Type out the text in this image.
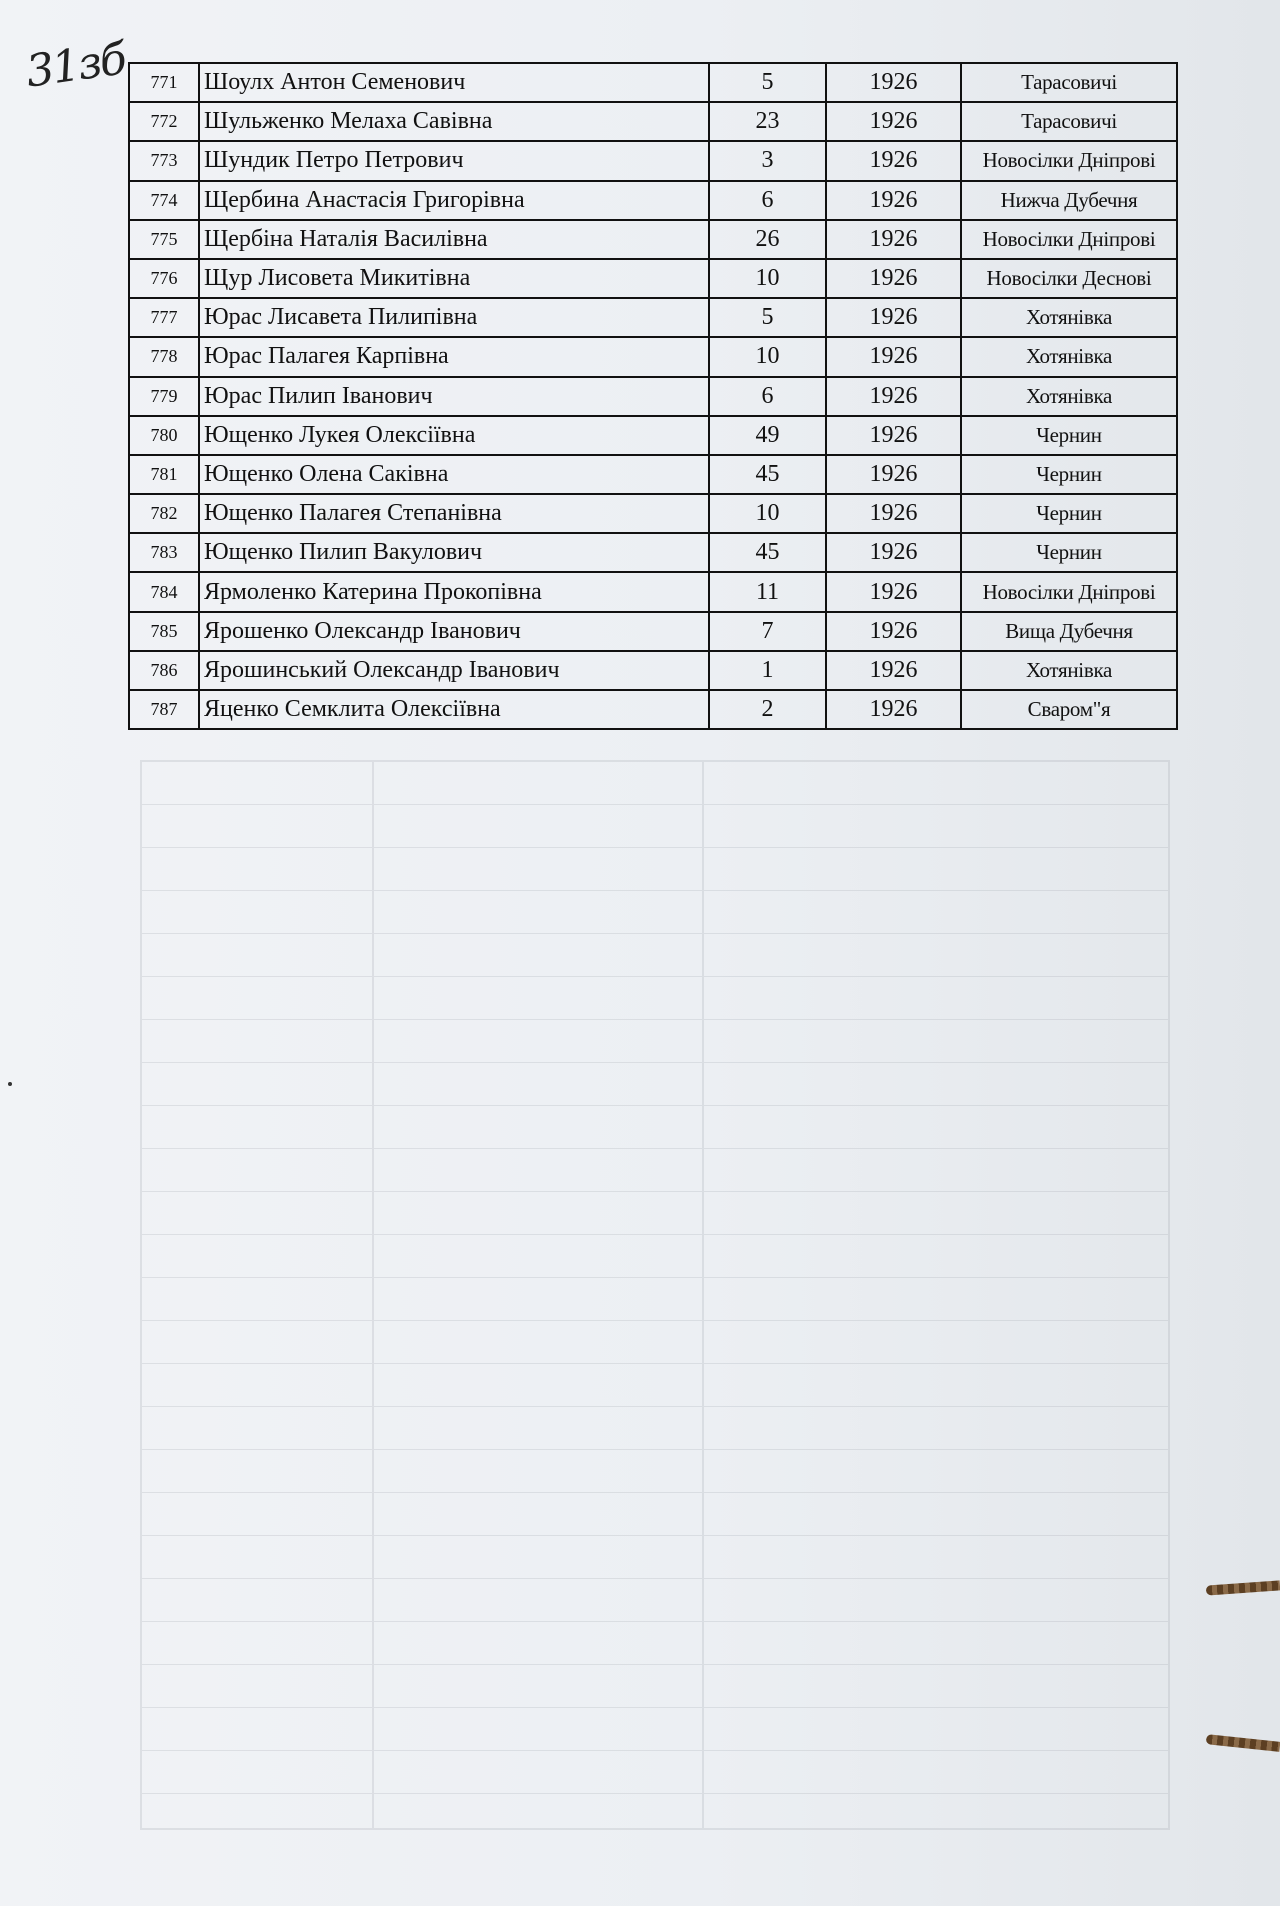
31зб 771	Шоулх Антон Семенович	5	1926	Тарасовичі
772	Шульженко Мелаха Савівна	23	1926	Тарасовичі
773	Шундик Петро Петрович	3	1926	Новосілки Дніпрові
774	Щербина Анастасія Григорівна	6	1926	Нижча Дубечня
775	Щербіна Наталія Василівна	26	1926	Новосілки Дніпрові
776	Щур Лисовета Микитівна	10	1926	Новосілки Деснові
777	Юрас Лисавета Пилипівна	5	1926	Хотянівка
778	Юрас Палагея Карпівна	10	1926	Хотянівка
779	Юрас Пилип Іванович	6	1926	Хотянівка
780	Ющенко Лукея Олексіївна	49	1926	Чернин
781	Ющенко Олена Саківна	45	1926	Чернин
782	Ющенко Палагея Степанівна	10	1926	Чернин
783	Ющенко Пилип Вакулович	45	1926	Чернин
784	Ярмоленко Катерина Прокопівна	11	1926	Новосілки Дніпрові
785	Ярошенко Олександр Іванович	7	1926	Вища Дубечня
786	Ярошинський Олександр Іванович	1	1926	Хотянівка
787	Яценко Семклита Олексіївна	2	1926	Сваром"я
